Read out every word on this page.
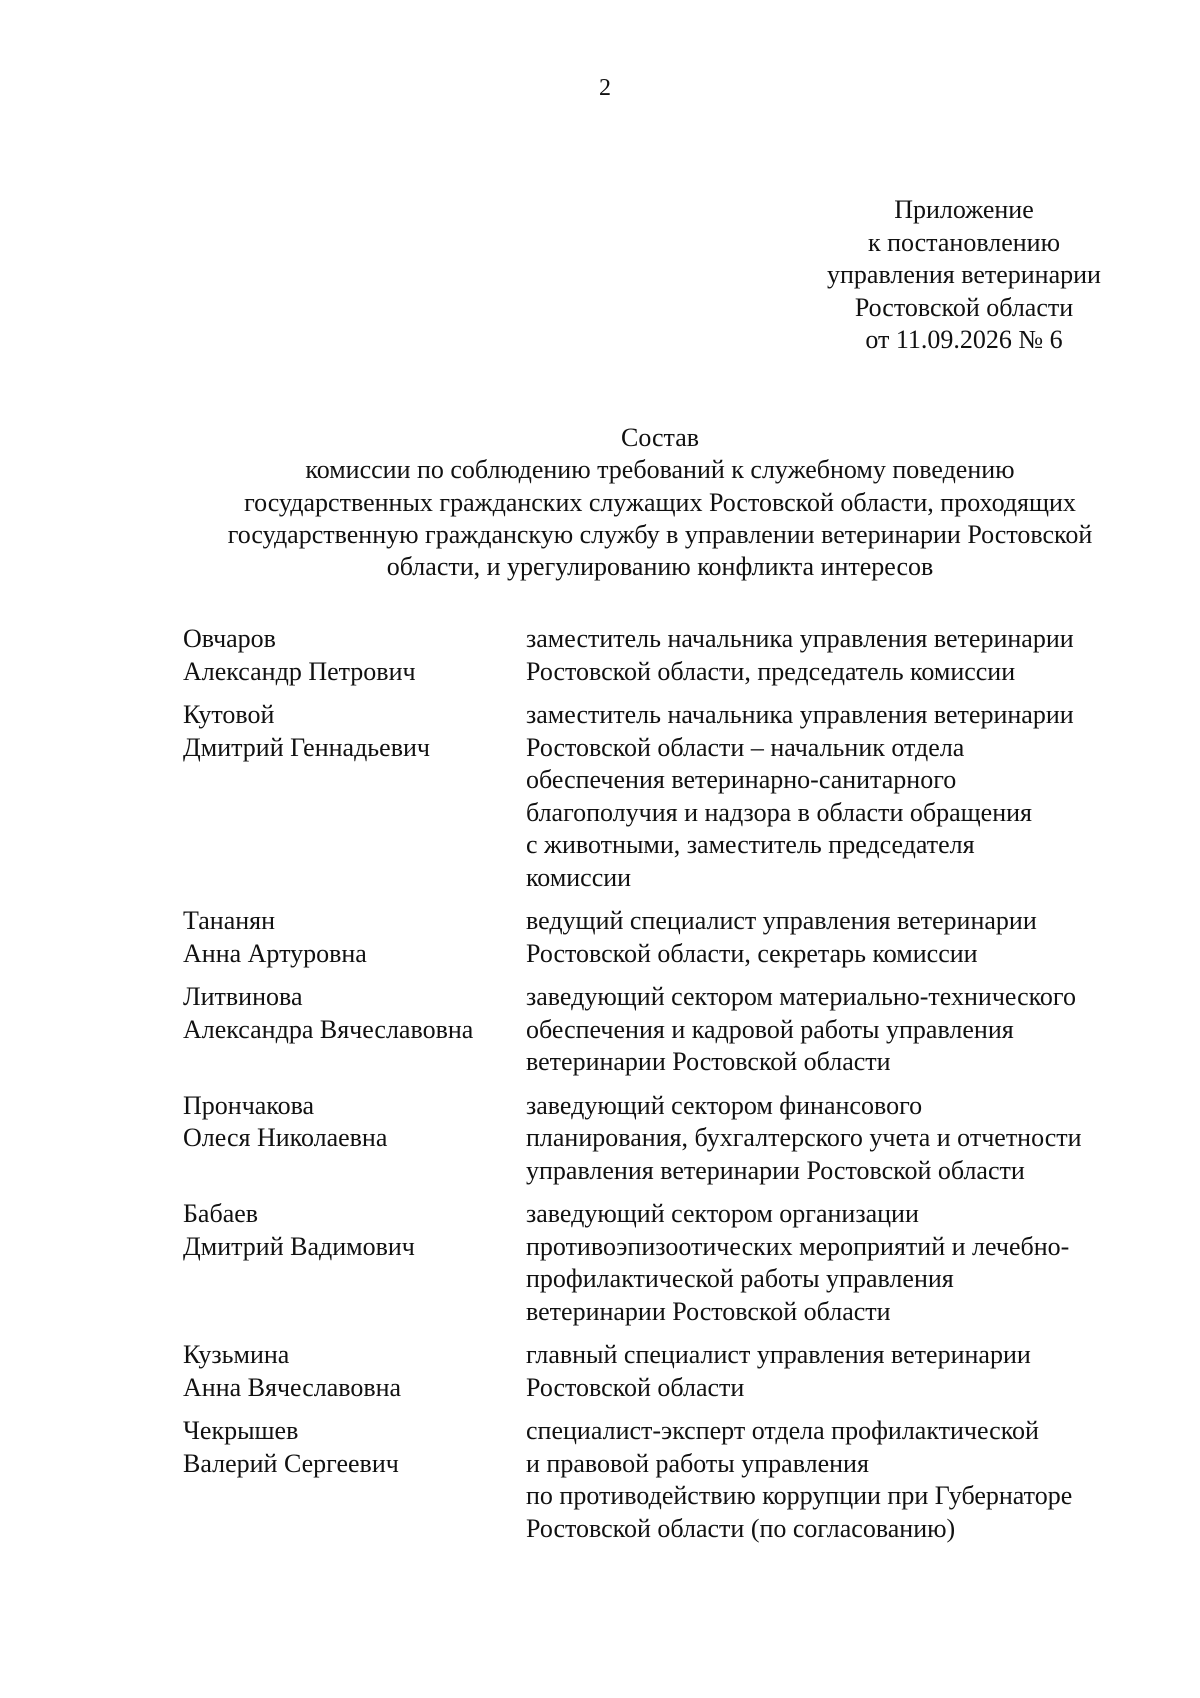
2
Приложение
к постановлению
управления ветеринарии
Ростовской области
от 11.09.2026 № 6
Состав
комиссии по соблюдению требований к служебному поведению
государственных гражданских служащих Ростовской области, проходящих
государственную гражданскую службу в управлении ветеринарии Ростовской
области, и урегулированию конфликта интересов
Овчаров
Александр Петрович
заместитель начальника управления ветеринарии
Ростовской области, председатель комиссии
Кутовой
Дмитрий Геннадьевич
заместитель начальника управления ветеринарии
Ростовской области – начальник отдела
обеспечения ветеринарно-санитарного
благополучия и надзора в области обращения
с животными, заместитель председателя
комиссии
Тананян
Анна Артуровна
ведущий специалист управления ветеринарии
Ростовской области, секретарь комиссии
Литвинова
Александра Вячеславовна
заведующий сектором материально-технического
обеспечения и кадровой работы управления
ветеринарии Ростовской области
Прончакова
Олеся Николаевна
заведующий сектором финансового
планирования, бухгалтерского учета и отчетности
управления ветеринарии Ростовской области
Бабаев
Дмитрий Вадимович
заведующий сектором организации
противоэпизоотических мероприятий и лечебно-
профилактической работы управления
ветеринарии Ростовской области
Кузьмина
Анна Вячеславовна
главный специалист управления ветеринарии
Ростовской области
Чекрышев
Валерий Сергеевич
специалист-эксперт отдела профилактической
и правовой работы управления
по противодействию коррупции при Губернаторе
Ростовской области (по согласованию)
